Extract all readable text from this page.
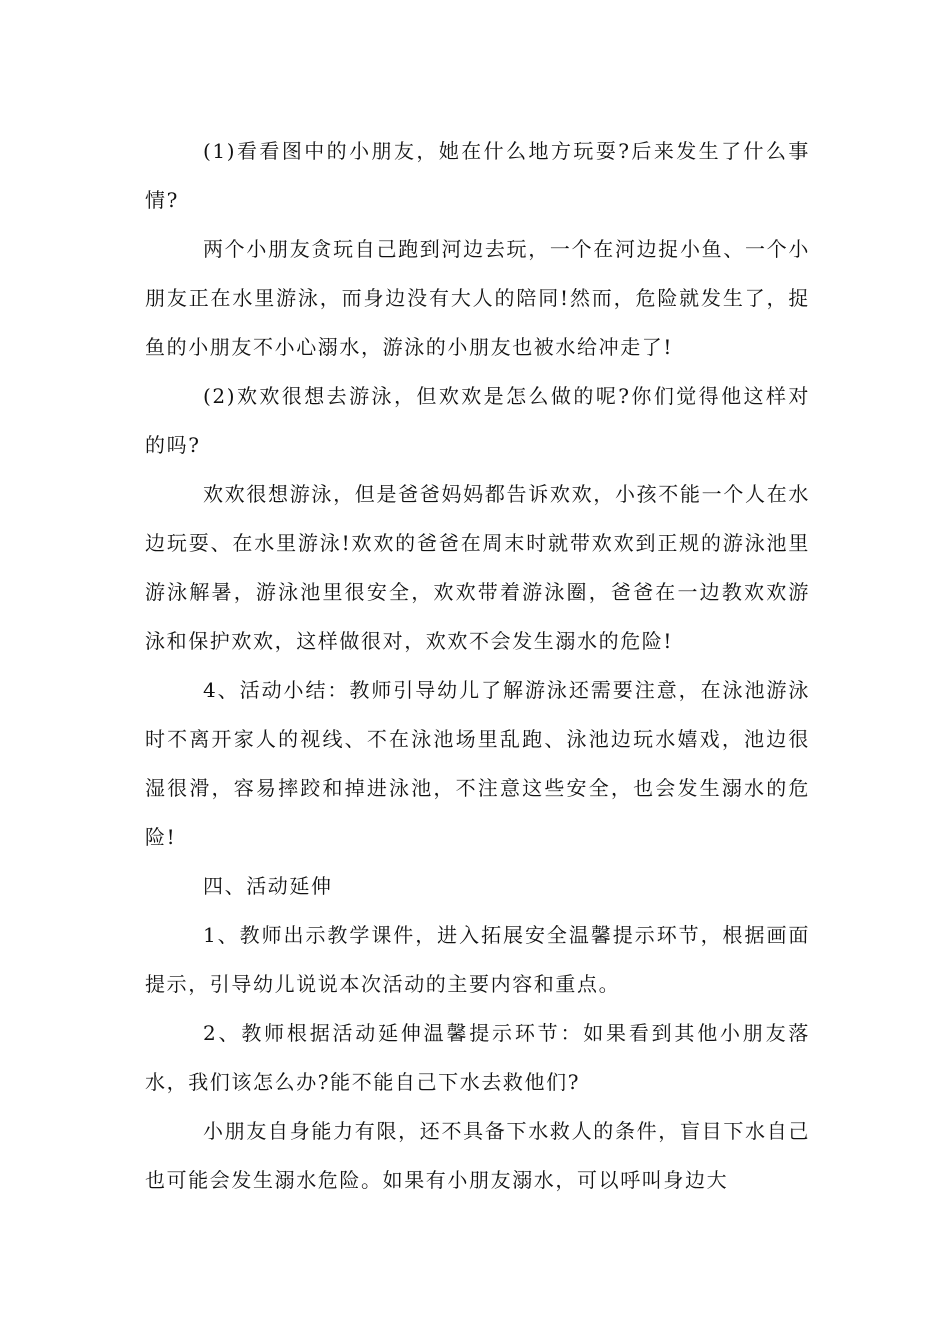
(1)看看图中的小朋友，她在什么地方玩耍?后来发生了什么事情?

两个小朋友贪玩自己跑到河边去玩，一个在河边捉小鱼、一个小朋友正在水里游泳，而身边没有大人的陪同!然而，危险就发生了，捉鱼的小朋友不小心溺水，游泳的小朋友也被水给冲走了!

(2)欢欢很想去游泳，但欢欢是怎么做的呢?你们觉得他这样对的吗?

欢欢很想游泳，但是爸爸妈妈都告诉欢欢，小孩不能一个人在水边玩耍、在水里游泳!欢欢的爸爸在周末时就带欢欢到正规的游泳池里游泳解暑，游泳池里很安全，欢欢带着游泳圈，爸爸在一边教欢欢游泳和保护欢欢，这样做很对，欢欢不会发生溺水的危险!

4、活动小结：教师引导幼儿了解游泳还需要注意，在泳池游泳时不离开家人的视线、不在泳池场里乱跑、泳池边玩水嬉戏，池边很湿很滑，容易摔跤和掉进泳池，不注意这些安全，也会发生溺水的危险!

四、活动延伸

1、教师出示教学课件，进入拓展安全温馨提示环节，根据画面提示，引导幼儿说说本次活动的主要内容和重点。

2、教师根据活动延伸温馨提示环节：如果看到其他小朋友落水，我们该怎么办?能不能自己下水去救他们?

小朋友自身能力有限，还不具备下水救人的条件，盲目下水自己也可能会发生溺水危险。如果有小朋友溺水，可以呼叫身边大
